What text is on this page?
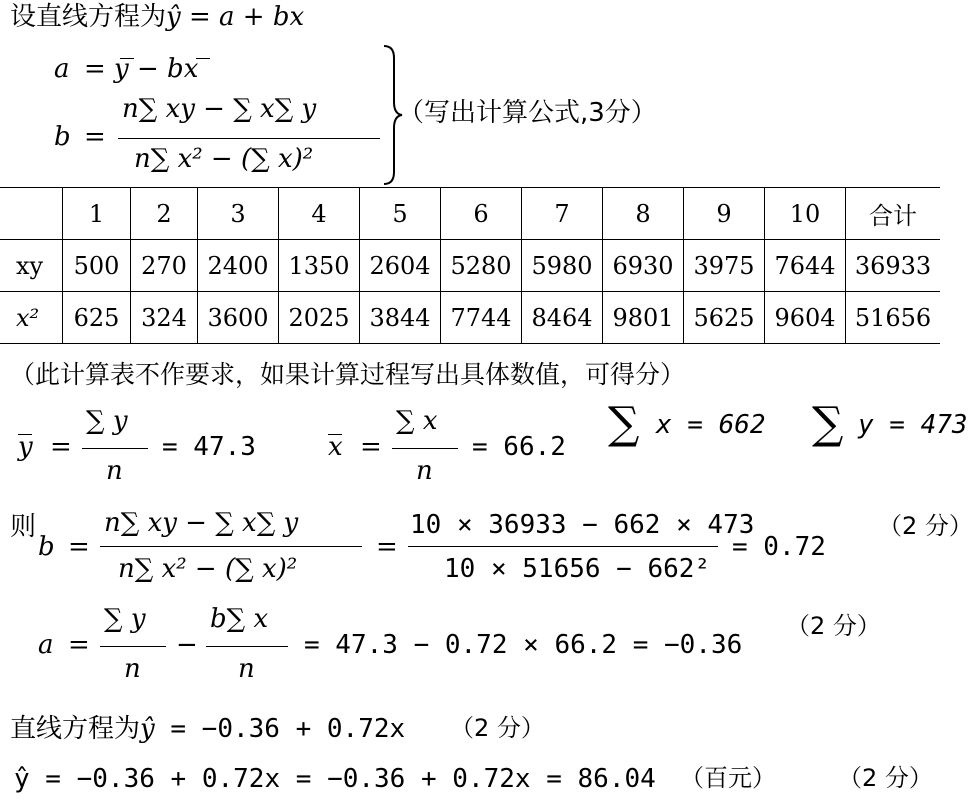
设直线方程为ŷ = a + bx
a = y − bx
b =
n∑ xy − ∑ x∑ y
n∑ x² − (∑ x)²
（写出计算公式,3分）
	1	2	3	4	5	6	7	8	9	10	合计
xy	500	270	2400	1350	2604	5280	5980	6930	3975	7644	36933
x²	625	324	3600	2025	3844	7744	8464	9801	5625	9604	51656
（此计算表不作要求，如果计算过程写出具体数值，可得分）
y =
∑ y
n
= 47.3	x =
∑ x
n
= 66.2 ∑ x = 662 ∑ y = 473
则
b =
n∑ xy − ∑ x∑ y
n∑ x² − (∑ x)²
=
10 × 36933 − 662 × 473
10 × 51656 − 662²
= 0.72
（2 分）
a =
∑ y
n
−
b∑ x
n
= 47.3 − 0.72 × 66.2 = −0.36
（2 分）
直线方程为ŷ = −0.36 + 0.72x （2 分）
ŷ = −0.36 + 0.72x = −0.36 + 0.72x = 86.04 （百元）	（2 分）
